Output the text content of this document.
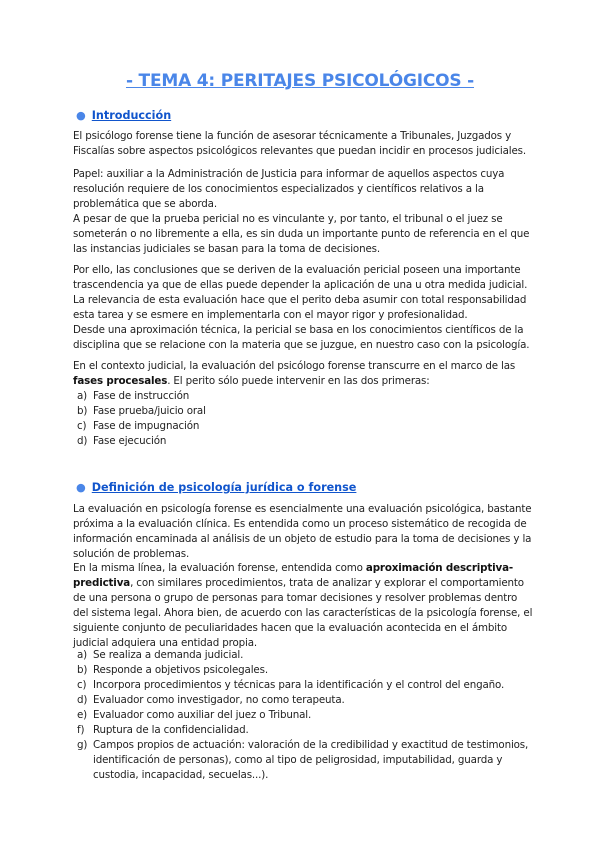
- TEMA 4: PERITAJES PSICOLÓGICOS -
● Introducción
El psicólogo forense tiene la función de asesorar técnicamente a Tribunales, Juzgados y Fiscalías sobre aspectos psicológicos relevantes que puedan incidir en procesos judiciales.
Papel: auxiliar a la Administración de Justicia para informar de aquellos aspectos cuya resolución requiere de los conocimientos especializados y científicos relativos a la problemática que se aborda.
A pesar de que la prueba pericial no es vinculante y, por tanto, el tribunal o el juez se someterán o no libremente a ella, es sin duda un importante punto de referencia en el que las instancias judiciales se basan para la toma de decisiones.
Por ello, las conclusiones que se deriven de la evaluación pericial poseen una importante trascendencia ya que de ellas puede depender la aplicación de una u otra medida judicial. La relevancia de esta evaluación hace que el perito deba asumir con total responsabilidad esta tarea y se esmere en implementarla con el mayor rigor y profesionalidad.
Desde una aproximación técnica, la pericial se basa en los conocimientos científicos de la disciplina que se relacione con la materia que se juzgue, en nuestro caso con la psicología.
En el contexto judicial, la evaluación del psicólogo forense transcurre en el marco de las fases procesales. El perito sólo puede intervenir en las dos primeras:
a) Fase de instrucción
b) Fase prueba/juicio oral
c) Fase de impugnación
d) Fase ejecución
● Definición de psicología jurídica o forense
La evaluación en psicología forense es esencialmente una evaluación psicológica, bastante próxima a la evaluación clínica. Es entendida como un proceso sistemático de recogida de información encaminada al análisis de un objeto de estudio para la toma de decisiones y la solución de problemas.
En la misma línea, la evaluación forense, entendida como aproximación descriptiva-predictiva, con similares procedimientos, trata de analizar y explorar el comportamiento de una persona o grupo de personas para tomar decisiones y resolver problemas dentro del sistema legal. Ahora bien, de acuerdo con las características de la psicología forense, el siguiente conjunto de peculiaridades hacen que la evaluación acontecida en el ámbito judicial adquiera una entidad propia.
a) Se realiza a demanda judicial.
b) Responde a objetivos psicolegales.
c) Incorpora procedimientos y técnicas para la identificación y el control del engaño.
d) Evaluador como investigador, no como terapeuta.
e) Evaluador como auxiliar del juez o Tribunal.
f) Ruptura de la confidencialidad.
g) Campos propios de actuación: valoración de la credibilidad y exactitud de testimonios, identificación de personas), como al tipo de peligrosidad, imputabilidad, guarda y custodia, incapacidad, secuelas...).
